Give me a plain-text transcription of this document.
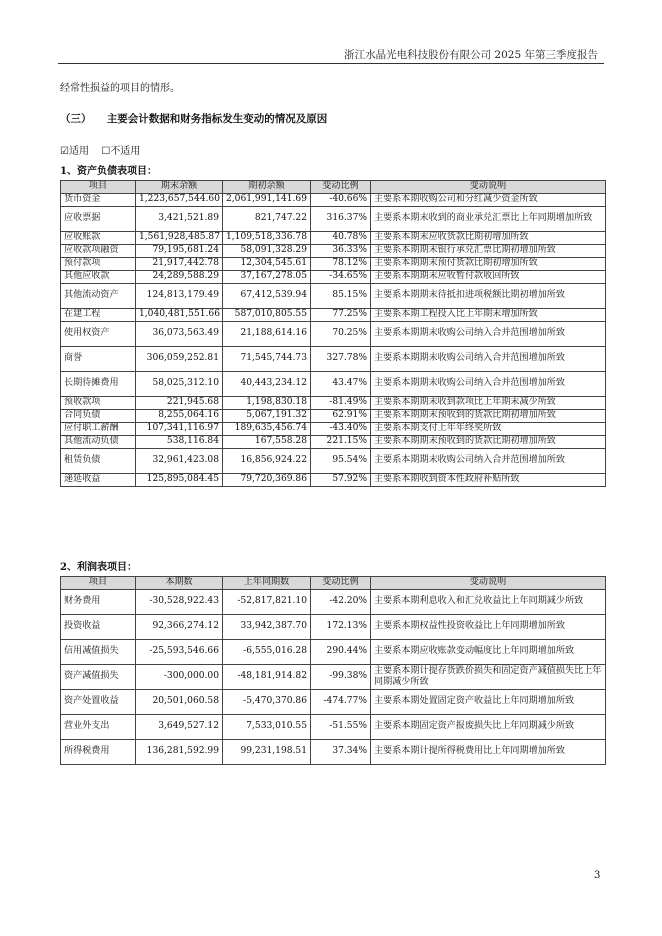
浙江水晶光电科技股份有限公司 2025 年第三季度报告
经常性损益的项目的情形。
（三） 主要会计数据和财务指标发生变动的情况及原因
☑适用 ☐不适用
1、资产负债表项目：
项目	期末余额	期初余额	变动比例	变动说明
货币资金	1,223,657,544.60	2,061,991,141.69	-40.66%	主要系本期收购公司和分红减少资金所致
应收票据	3,421,521.89	821,747.22	316.37%	主要系本期末收到的商业承兑汇票比上年同期增加所致
应收账款	1,561,928,485.87	1,109,518,336.78	40.78%	主要系本期末应收货款比期初增加所致
应收款项融资	79,195,681.24	58,091,328.29	36.33%	主要系本期期末银行承兑汇票比期初增加所致
预付款项	21,917,442.78	12,304,545.61	78.12%	主要系本期期末预付货款比期初增加所致
其他应收款	24,289,588.29	37,167,278.05	-34.65%	主要系本期期末应收暂付款收回所致
其他流动资产	124,813,179.49	67,412,539.94	85.15%	主要系本期期末待抵扣进项税额比期初增加所致
在建工程	1,040,481,551.66	587,010,805.55	77.25%	主要系本期工程投入比上年期末增加所致
使用权资产	36,073,563.49	21,188,614.16	70.25%	主要系本期期末收购公司纳入合并范围增加所致
商誉	306,059,252.81	71,545,744.73	327.78%	主要系本期期末收购公司纳入合并范围增加所致
长期待摊费用	58,025,312.10	40,443,234.12	43.47%	主要系本期期末收购公司纳入合并范围增加所致
预收款项	221,945.68	1,198,830.18	-81.49%	主要系本期期末收到款项比上年期末减少所致
合同负债	8,255,064.16	5,067,191.32	62.91%	主要系本期期末预收到的货款比期初增加所致
应付职工薪酬	107,341,116.97	189,635,456.74	-43.40%	主要系本期支付上年年终奖所致
其他流动负债	538,116.84	167,558.28	221.15%	主要系本期期末预收到的货款比期初增加所致
租赁负债	32,961,423.08	16,856,924.22	95.54%	主要系本期期末收购公司纳入合并范围增加所致
递延收益	125,895,084.45	79,720,369.86	57.92%	主要系本期收到资本性政府补贴所致
2、利润表项目：
项目	本期数	上年同期数	变动比例	变动说明
财务费用	-30,528,922.43	-52,817,821.10	-42.20%	主要系本期利息收入和汇兑收益比上年同期减少所致
投资收益	92,366,274.12	33,942,387.70	172.13%	主要系本期权益性投资收益比上年同期增加所致
信用减值损失	-25,593,546.66	-6,555,016.28	290.44%	主要系本期应收账款变动幅度比上年同期增加所致
资产减值损失	-300,000.00	-48,181,914.82	-99.38%	主要系本期计提存货跌价损失和固定资产减值损失比上年同期减少所致
资产处置收益	20,501,060.58	-5,470,370.86	-474.77%	主要系本期处置固定资产收益比上年同期增加所致
营业外支出	3,649,527.12	7,533,010.55	-51.55%	主要系本期固定资产报废损失比上年同期减少所致
所得税费用	136,281,592.99	99,231,198.51	37.34%	主要系本期计提所得税费用比上年同期增加所致
3
